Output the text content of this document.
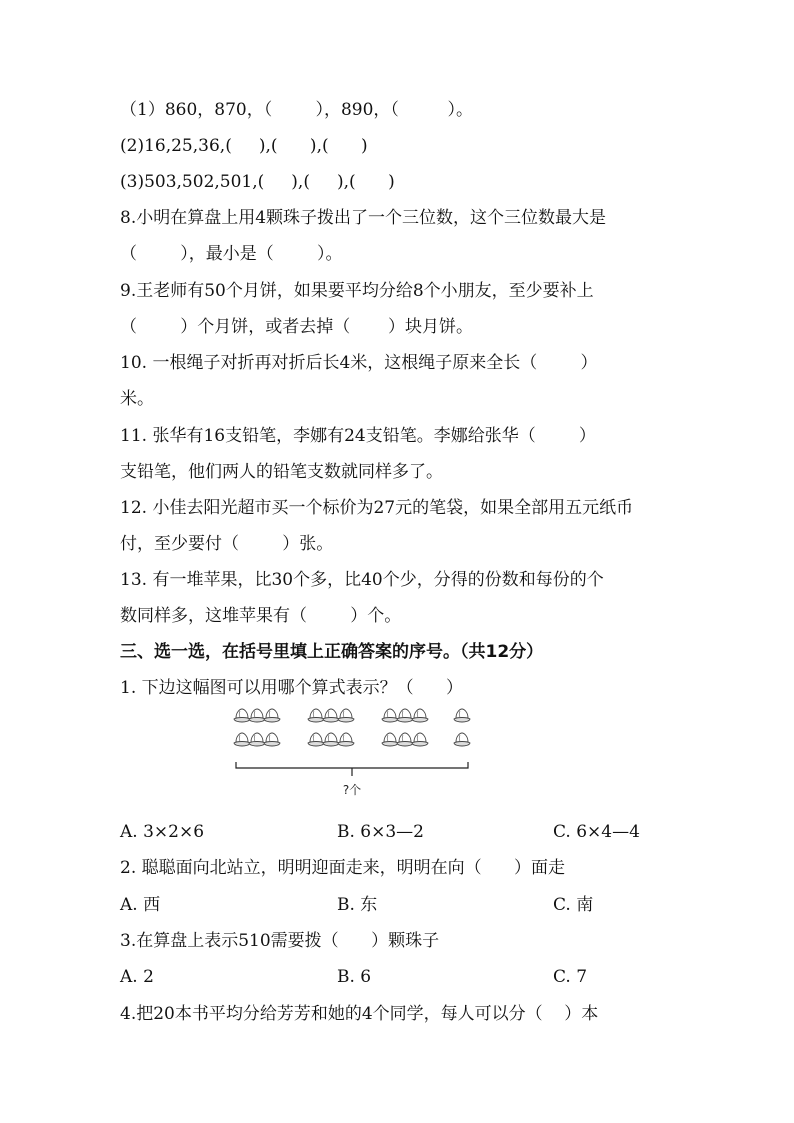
（1）860，870，（        ），890，（         ）。
(2)16,25,36,(     ),(      ),(      )
(3)503,502,501,(     ),(     ),(      )
8.小明在算盘上用4颗珠子拨出了一个三位数，这个三位数最大是
（        ），最小是（        ）。
9.王老师有50个月饼，如果要平均分给8个小朋友，至少要补上
（        ）个月饼，或者去掉（       ）块月饼。
10. 一根绳子对折再对折后长4米，这根绳子原来全长（        ）
米。
11. 张华有16支铅笔，李娜有24支铅笔。李娜给张华（        ）
支铅笔，他们两人的铅笔支数就同样多了。
12. 小佳去阳光超市买一个标价为27元的笔袋，如果全部用五元纸币
付，至少要付（        ）张。
13. 有一堆苹果，比30个多，比40个少，分得的份数和每份的个
数同样多，这堆苹果有（        ）个。
三、选一选，在括号里填上正确答案的序号。（共12分）
1. 下边这幅图可以用哪个算式表示？（      ）
?个
A. 3×2×6	B. 6×3—2	C. 6×4—4
2. 聪聪面向北站立，明明迎面走来，明明在向（      ）面走
A. 西	B. 东	C. 南
3.在算盘上表示510需要拨（      ）颗珠子
A. 2	B. 6	C. 7
4.把20本书平均分给芳芳和她的4个同学，每人可以分（    ）本
